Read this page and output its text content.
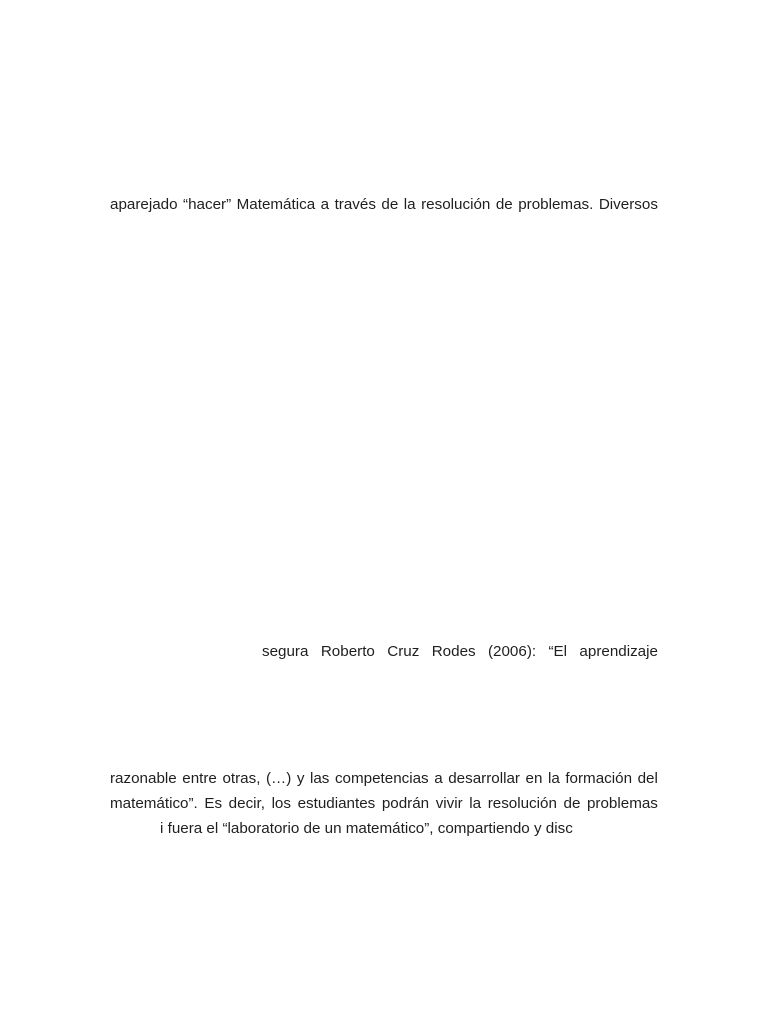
aparejado “hacer” Matemática a través de la resolución de problemas. Diversos
segura Roberto Cruz Rodes (2006): “El aprendizaje
razonable entre otras, (…) y las competencias a desarrollar en la formación del
matemático”. Es decir, los estudiantes podrán vivir la resolución de problemas
i fuera el “laboratorio de un matemático”, compartiendo y disc
